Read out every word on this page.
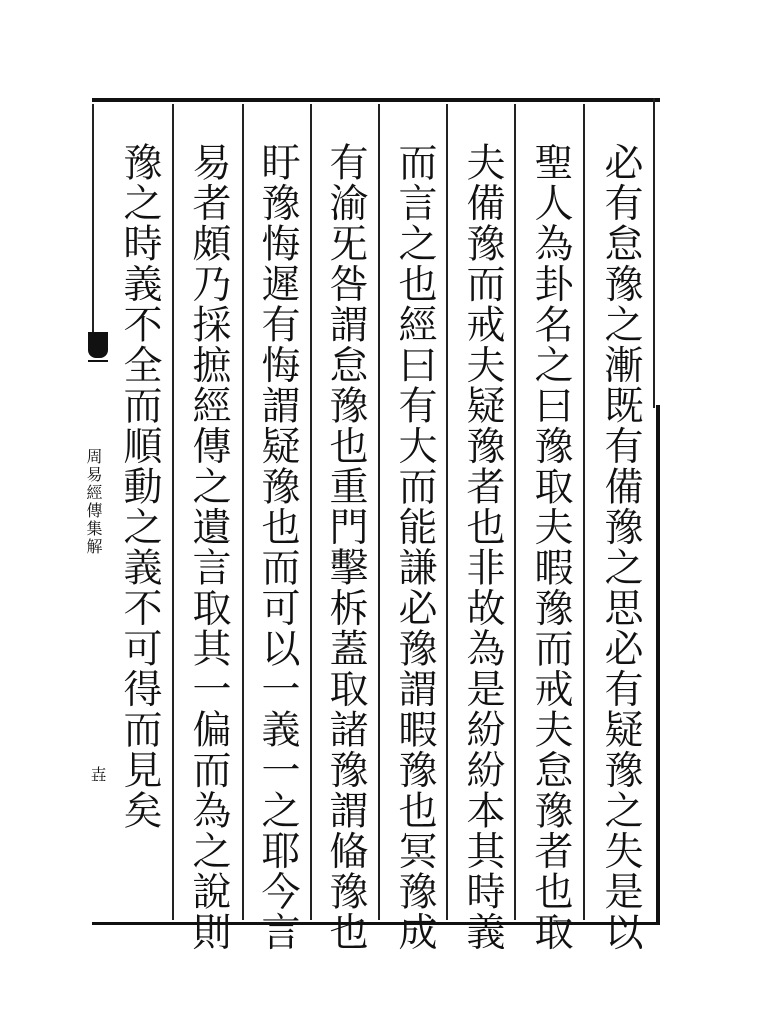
必有怠豫之漸既有備豫之思必有疑豫之失是以
聖人為卦名之曰豫取夫暇豫而戒夫怠豫者也取
夫備豫而戒夫疑豫者也非故為是紛紛本其時義
而言之也經曰有大而能謙必豫謂暇豫也冥豫成
有渝旡咎謂怠豫也重門擊柝蓋取諸豫謂偹豫也
盱豫悔遲有悔謂疑豫也而可以一義一之耶今言
易者頗乃採摭經傳之遺言取其一偏而為之說則
豫之時義不全而順動之義不可得而見矣
周易經傳集解
壵
